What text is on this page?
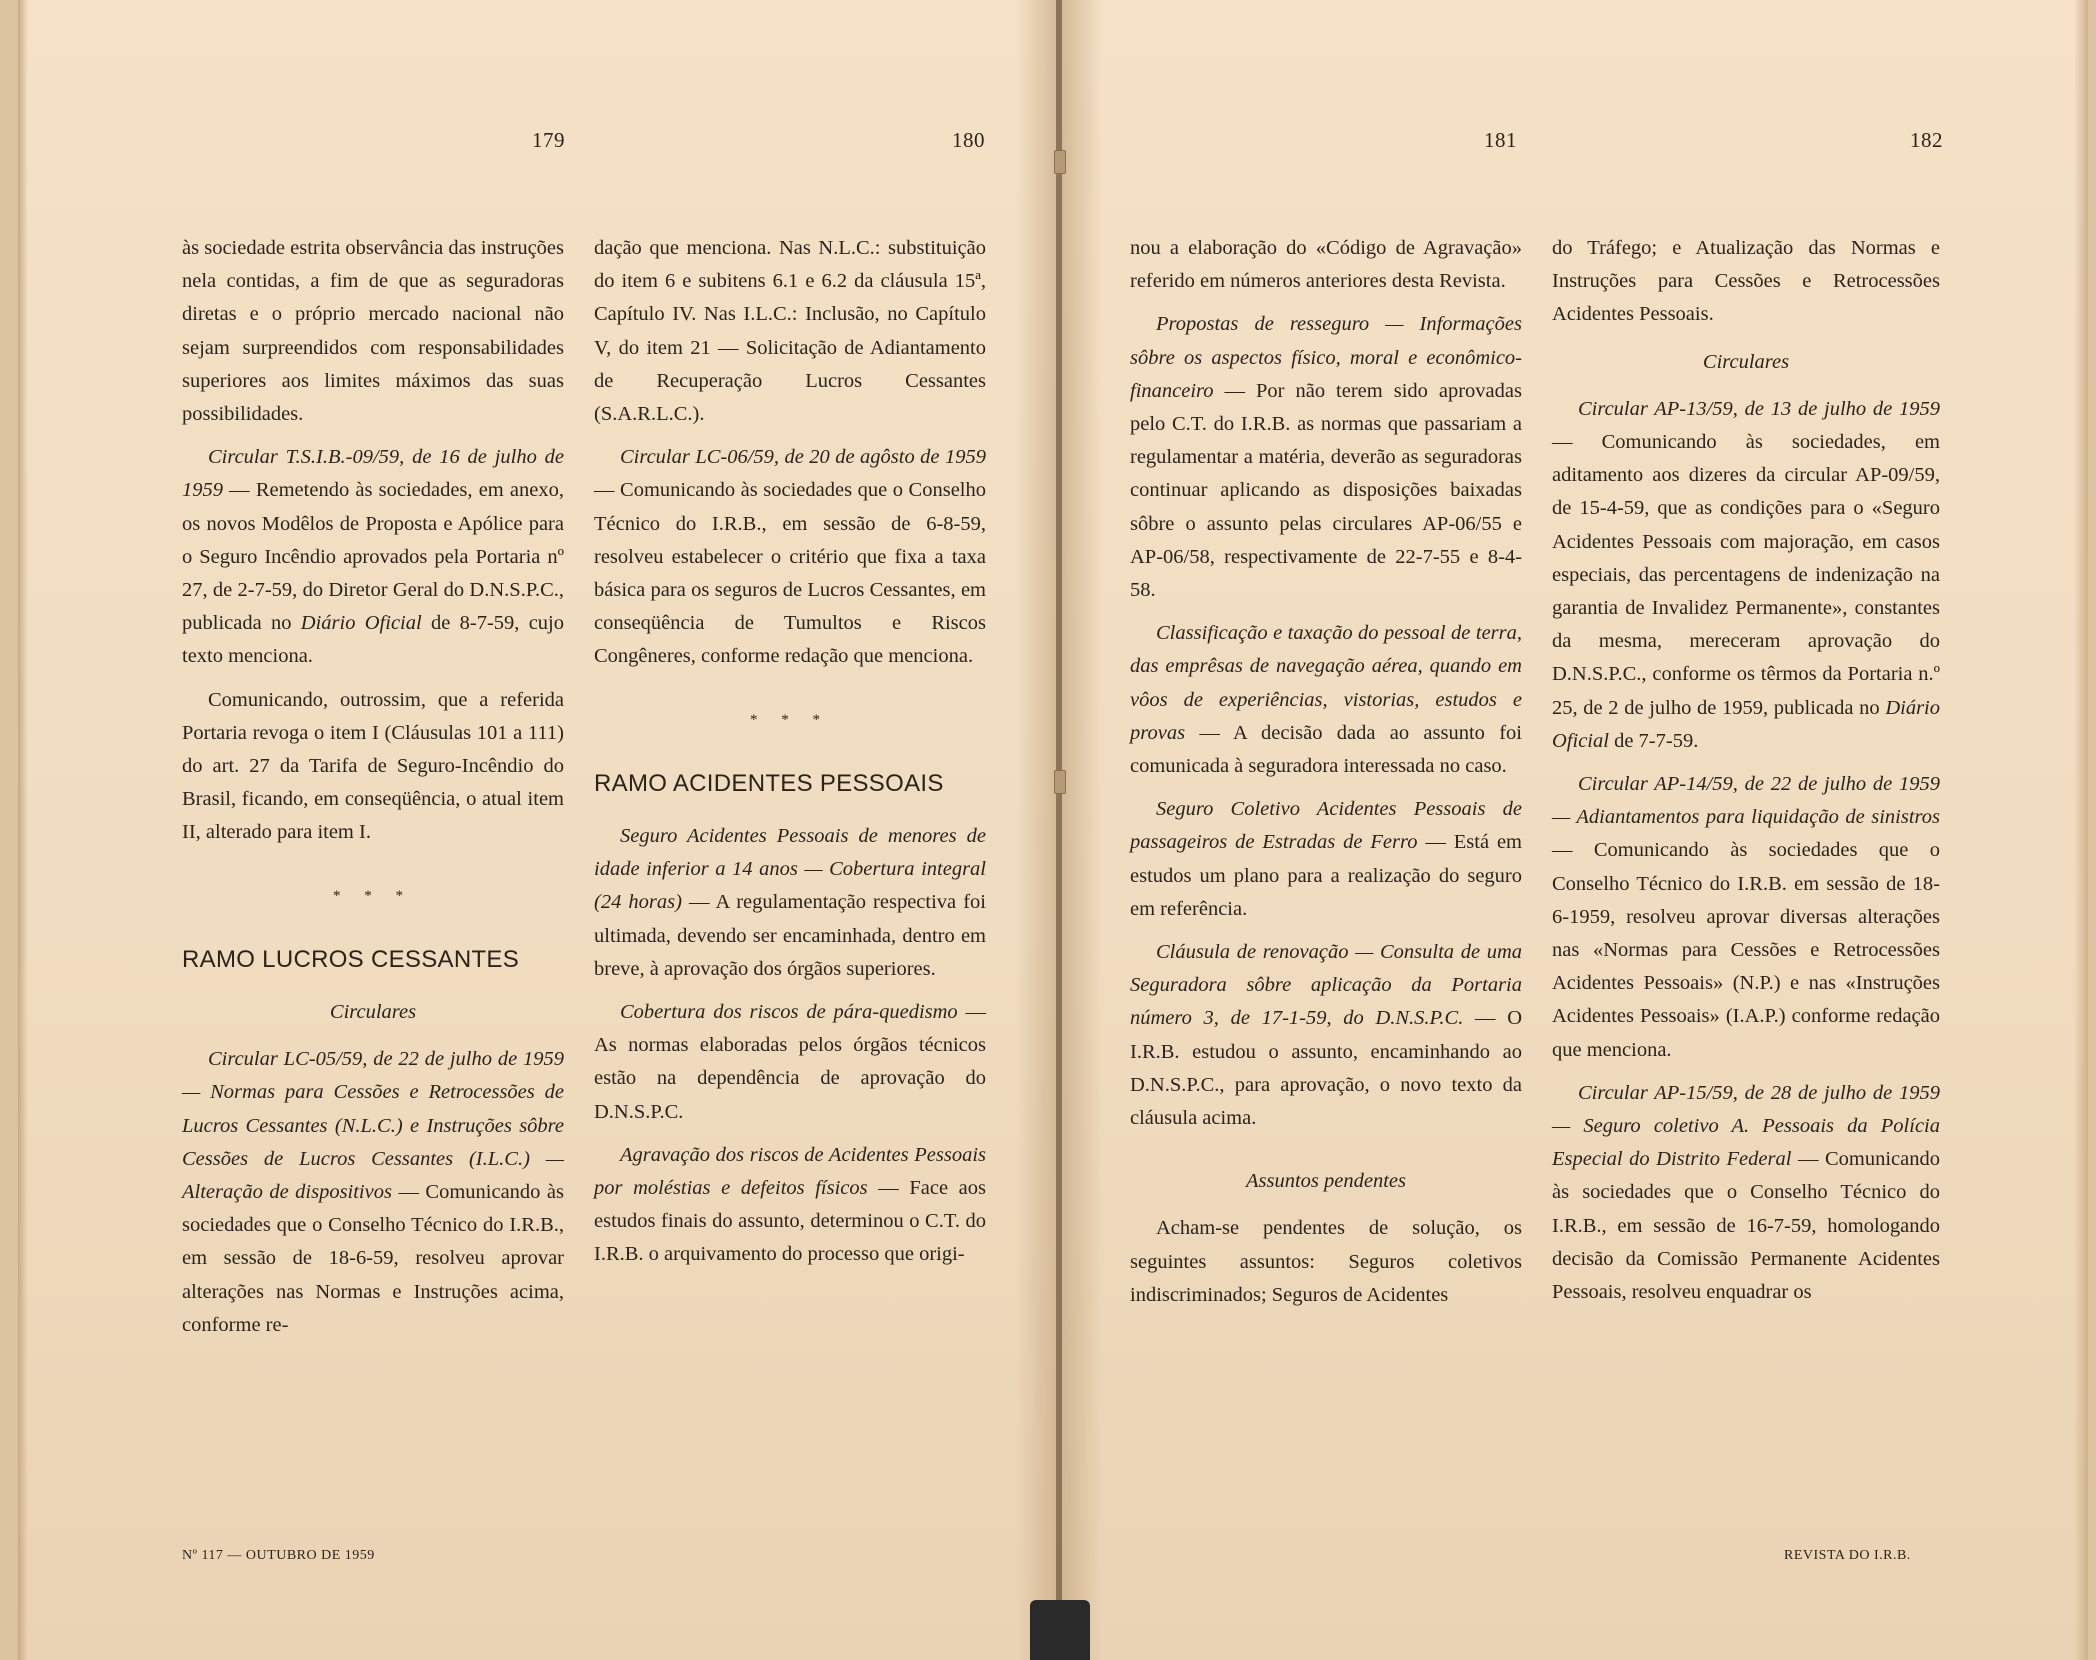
179	180	181	182

às sociedade estrita observância das instruções nela contidas, a fim de que as seguradoras diretas e o próprio mercado nacional não sejam surpreendidos com responsabilidades superiores aos limites máximos das suas possibilidades.

Circular T.S.I.B.-09/59, de 16 de julho de 1959 — Remetendo às sociedades, em anexo, os novos Modêlos de Proposta e Apólice para o Seguro Incêndio aprovados pela Portaria nº 27, de 2-7-59, do Diretor Geral do D.N.S.P.C., publicada no Diário Oficial de 8-7-59, cujo texto menciona.

Comunicando, outrossim, que a referida Portaria revoga o item I (Cláusulas 101 a 111) do art. 27 da Tarifa de Seguro-Incêndio do Brasil, ficando, em conseqüência, o atual item II, alterado para item I.

* * *

RAMO LUCROS CESSANTES

Circulares

Circular LC-05/59, de 22 de julho de 1959 — Normas para Cessões e Retrocessões de Lucros Cessantes (N.L.C.) e Instruções sôbre Cessões de Lucros Cessantes (I.L.C.) — Alteração de dispositivos — Comunicando às sociedades que o Conselho Técnico do I.R.B., em sessão de 18-6-59, resolveu aprovar alterações nas Normas e Instruções acima, conforme re-

dação que menciona. Nas N.L.C.: substituição do item 6 e subitens 6.1 e 6.2 da cláusula 15ª, Capítulo IV. Nas I.L.C.: Inclusão, no Capítulo V, do item 21 — Solicitação de Adiantamento de Recuperação Lucros Cessantes (S.A.R.L.C.).

Circular LC-06/59, de 20 de agôsto de 1959 — Comunicando às sociedades que o Conselho Técnico do I.R.B., em sessão de 6-8-59, resolveu estabelecer o critério que fixa a taxa básica para os seguros de Lucros Cessantes, em conseqüência de Tumultos e Riscos Congêneres, conforme redação que menciona.

* * *

RAMO ACIDENTES PESSOAIS

Seguro Acidentes Pessoais de menores de idade inferior a 14 anos — Cobertura integral (24 horas) — A regulamentação respectiva foi ultimada, devendo ser encaminhada, dentro em breve, à aprovação dos órgãos superiores.

Cobertura dos riscos de pára-quedismo — As normas elaboradas pelos órgãos técnicos estão na dependência de aprovação do D.N.S.P.C.

Agravação dos riscos de Acidentes Pessoais por moléstias e defeitos físicos — Face aos estudos finais do assunto, determinou o C.T. do I.R.B. o arquivamento do processo que origi-

nou a elaboração do «Código de Agravação» referido em números anteriores desta Revista.

Propostas de resseguro — Informações sôbre os aspectos físico, moral e econômico-financeiro — Por não terem sido aprovadas pelo C.T. do I.R.B. as normas que passariam a regulamentar a matéria, deverão as seguradoras continuar aplicando as disposições baixadas sôbre o assunto pelas circulares AP-06/55 e AP-06/58, respectivamente de 22-7-55 e 8-4-58.

Classificação e taxação do pessoal de terra, das emprêsas de navegação aérea, quando em vôos de experiências, vistorias, estudos e provas — A decisão dada ao assunto foi comunicada à seguradora interessada no caso.

Seguro Coletivo Acidentes Pessoais de passageiros de Estradas de Ferro — Está em estudos um plano para a realização do seguro em referência.

Cláusula de renovação — Consulta de uma Seguradora sôbre aplicação da Portaria número 3, de 17-1-59, do D.N.S.P.C. — O I.R.B. estudou o assunto, encaminhando ao D.N.S.P.C., para aprovação, o novo texto da cláusula acima.

Assuntos pendentes

Acham-se pendentes de solução, os seguintes assuntos: Seguros coletivos indiscriminados; Seguros de Acidentes

do Tráfego; e Atualização das Normas e Instruções para Cessões e Retrocessões Acidentes Pessoais.

Circulares

Circular AP-13/59, de 13 de julho de 1959 — Comunicando às sociedades, em aditamento aos dizeres da circular AP-09/59, de 15-4-59, que as condições para o «Seguro Acidentes Pessoais com majoração, em casos especiais, das percentagens de indenização na garantia de Invalidez Permanente», constantes da mesma, mereceram aprovação do D.N.S.P.C., conforme os têrmos da Portaria n.º 25, de 2 de julho de 1959, publicada no Diário Oficial de 7-7-59.

Circular AP-14/59, de 22 de julho de 1959 — Adiantamentos para liquidação de sinistros — Comunicando às sociedades que o Conselho Técnico do I.R.B. em sessão de 18-6-1959, resolveu aprovar diversas alterações nas «Normas para Cessões e Retrocessões Acidentes Pessoais» (N.P.) e nas «Instruções Acidentes Pessoais» (I.A.P.) conforme redação que menciona.

Circular AP-15/59, de 28 de julho de 1959 — Seguro coletivo A. Pessoais da Polícia Especial do Distrito Federal — Comunicando às sociedades que o Conselho Técnico do I.R.B., em sessão de 16-7-59, homologando decisão da Comissão Permanente Acidentes Pessoais, resolveu enquadrar os

Nº 117 — OUTUBRO DE 1959	REVISTA DO I.R.B.
